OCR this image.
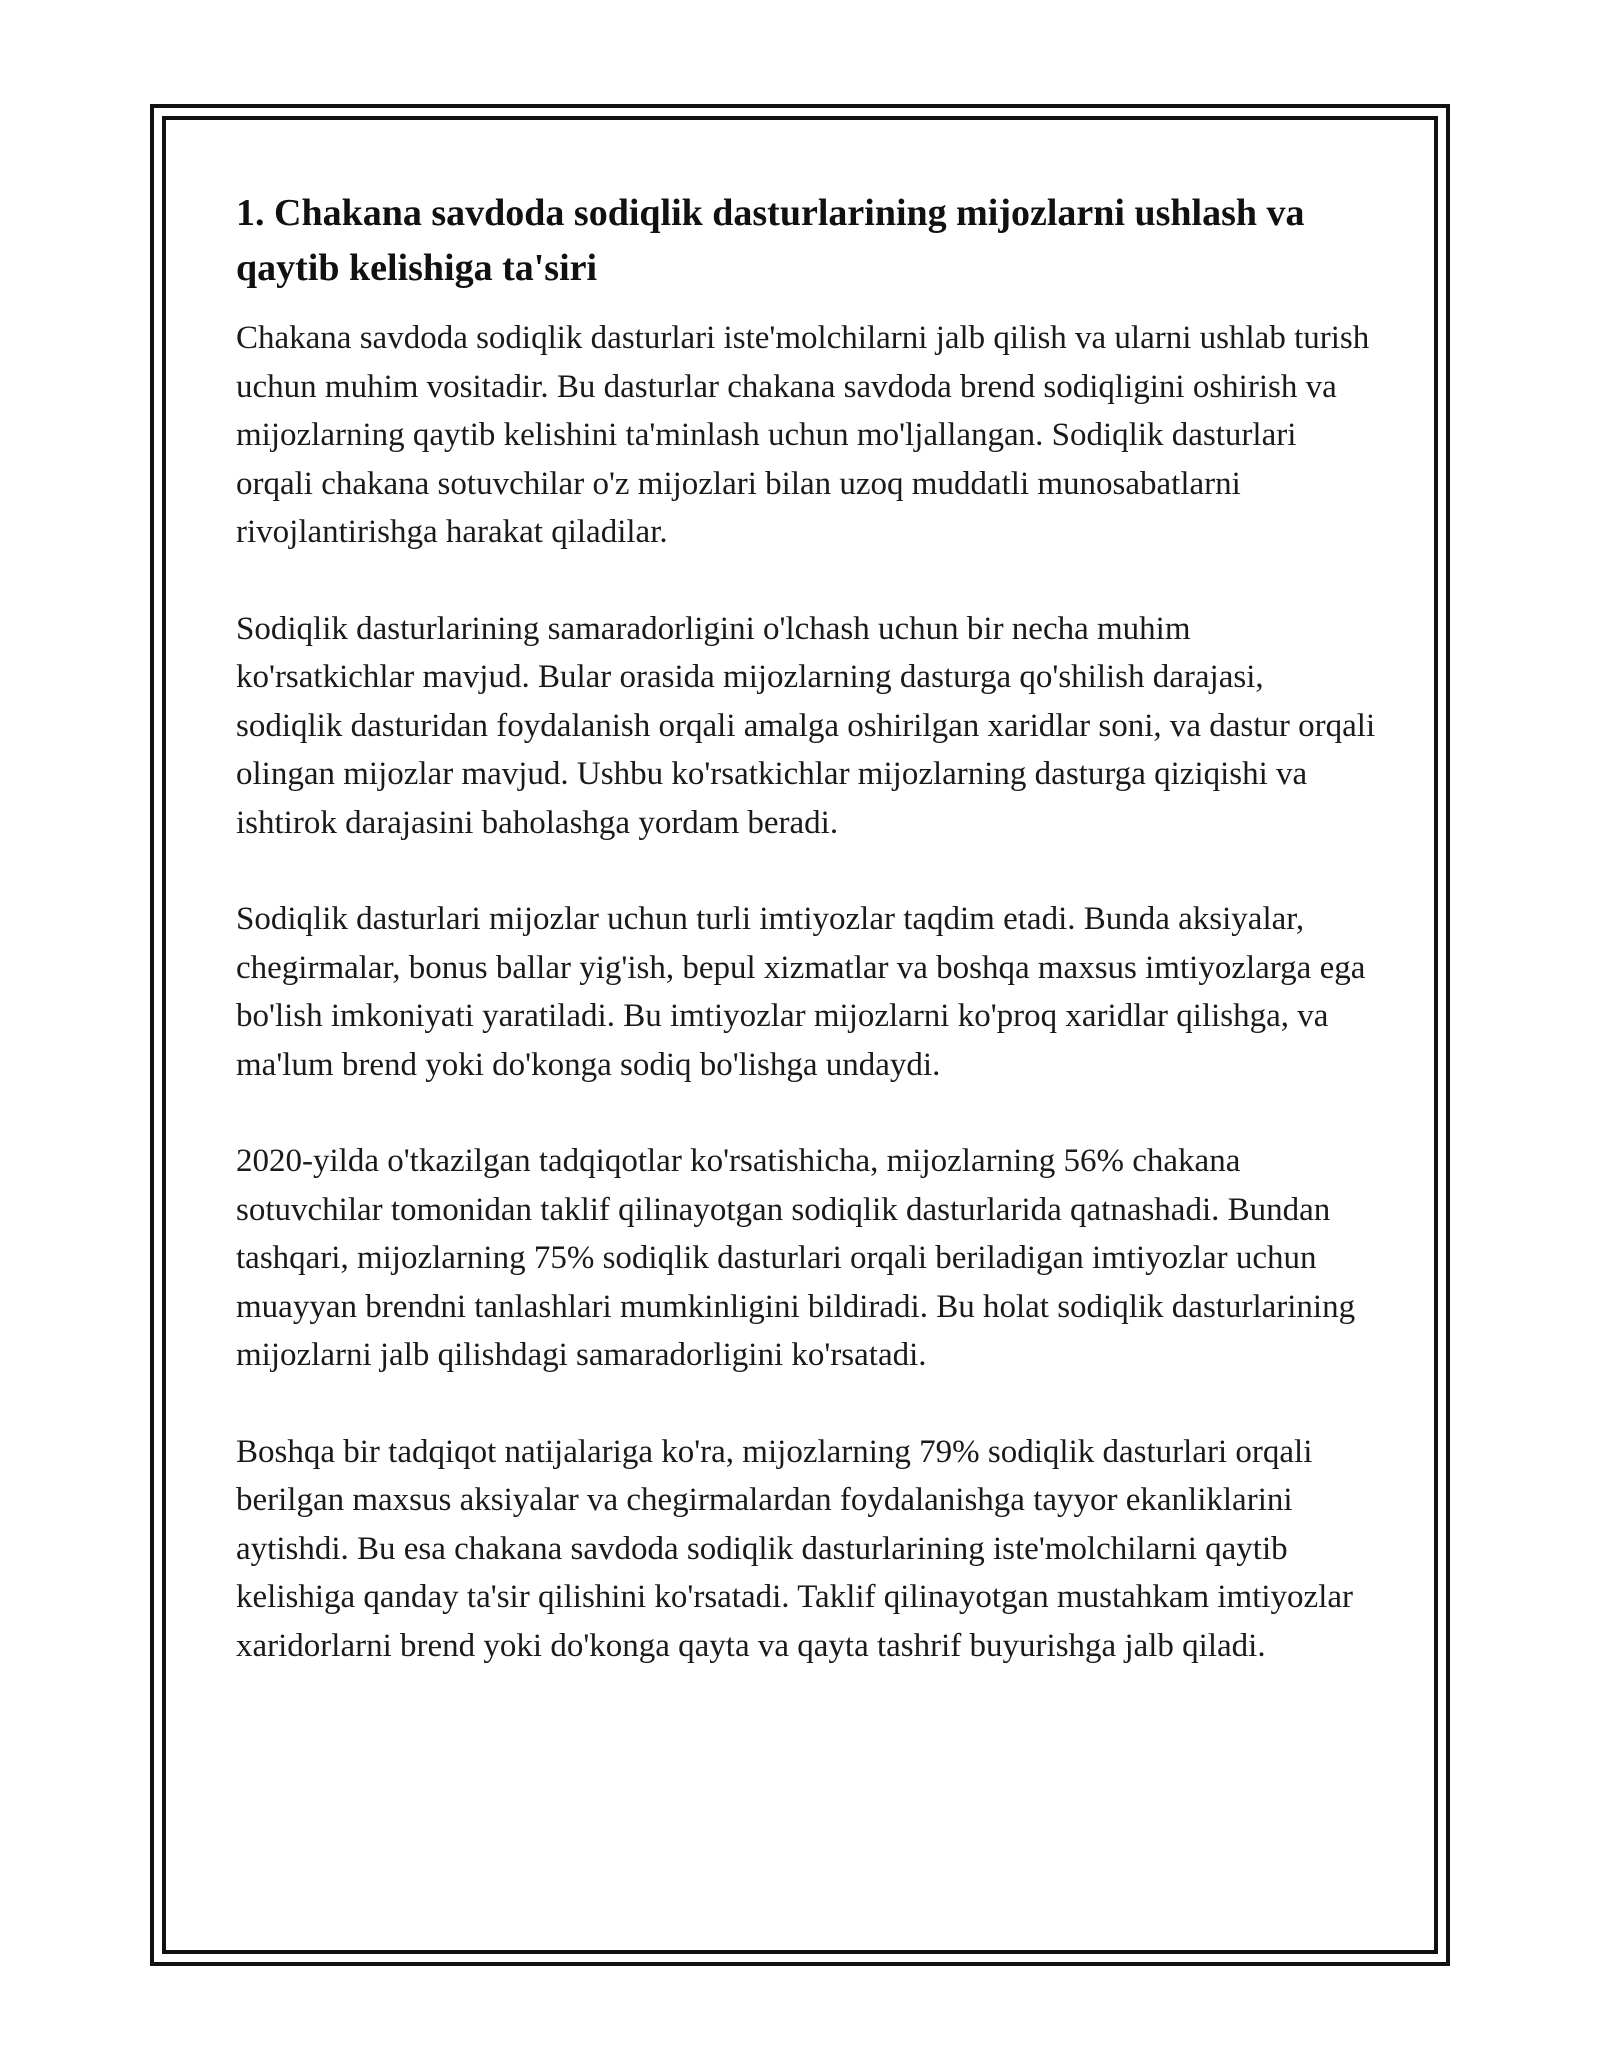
1. Chakana savdoda sodiqlik dasturlarining mijozlarni ushlash va qaytib kelishiga ta'siri

Chakana savdoda sodiqlik dasturlari iste'molchilarni jalb qilish va ularni ushlab turish uchun muhim vositadir. Bu dasturlar chakana savdoda brend sodiqligini oshirish va mijozlarning qaytib kelishini ta'minlash uchun mo'ljallangan. Sodiqlik dasturlari orqali chakana sotuvchilar o'z mijozlari bilan uzoq muddatli munosabatlarni rivojlantirishga harakat qiladilar.

Sodiqlik dasturlarining samaradorligini o'lchash uchun bir necha muhim ko'rsatkichlar mavjud. Bular orasida mijozlarning dasturga qo'shilish darajasi, sodiqlik dasturidan foydalanish orqali amalga oshirilgan xaridlar soni, va dastur orqali olingan mijozlar mavjud. Ushbu ko'rsatkichlar mijozlarning dasturga qiziqishi va ishtirok darajasini baholashga yordam beradi.

Sodiqlik dasturlari mijozlar uchun turli imtiyozlar taqdim etadi. Bunda aksiyalar, chegirmalar, bonus ballar yig'ish, bepul xizmatlar va boshqa maxsus imtiyozlarga ega bo'lish imkoniyati yaratiladi. Bu imtiyozlar mijozlarni ko'proq xaridlar qilishga, va ma'lum brend yoki do'konga sodiq bo'lishga undaydi.

2020-yilda o'tkazilgan tadqiqotlar ko'rsatishicha, mijozlarning 56% chakana sotuvchilar tomonidan taklif qilinayotgan sodiqlik dasturlarida qatnashadi. Bundan tashqari, mijozlarning 75% sodiqlik dasturlari orqali beriladigan imtiyozlar uchun muayyan brendni tanlashlari mumkinligini bildiradi. Bu holat sodiqlik dasturlarining mijozlarni jalb qilishdagi samaradorligini ko'rsatadi.

Boshqa bir tadqiqot natijalariga ko'ra, mijozlarning 79% sodiqlik dasturlari orqali berilgan maxsus aksiyalar va chegirmalardan foydalanishga tayyor ekanliklarini aytishdi. Bu esa chakana savdoda sodiqlik dasturlarining iste'molchilarni qaytib kelishiga qanday ta'sir qilishini ko'rsatadi. Taklif qilinayotgan mustahkam imtiyozlar xaridorlarni brend yoki do'konga qayta va qayta tashrif buyurishga jalb qiladi.
